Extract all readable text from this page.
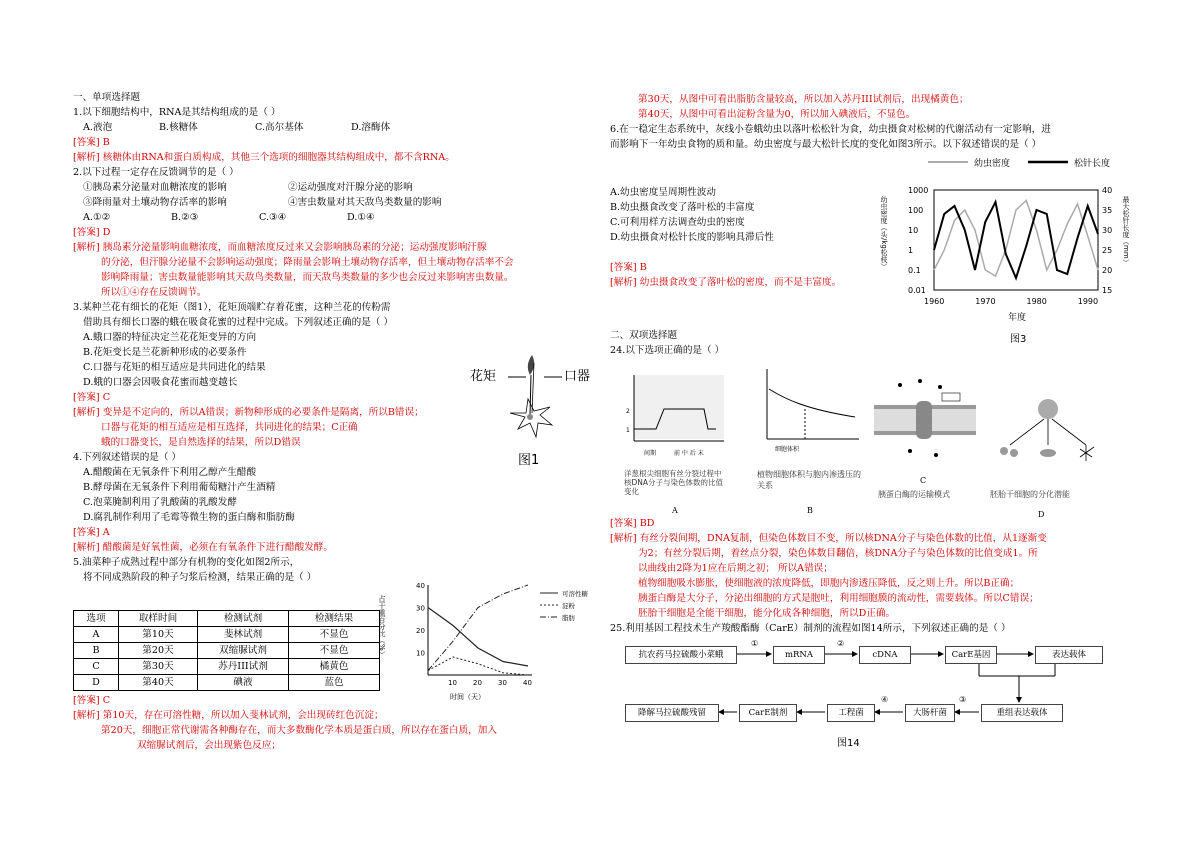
一、单项选择题
1.以下细胞结构中，RNA是其结构组成的是（ ）
A.液泡	B.核糖体	C.高尔基体	D.溶酶体
[答案] B
[解析] 核糖体由RNA和蛋白质构成，其他三个选项的细胞器其结构组成中，都不含RNA。
2.以下过程一定存在反馈调节的是（ ）
①胰岛素分泌量对血糖浓度的影响	②运动强度对汗腺分泌的影响
③降雨量对土壤动物存活率的影响	④害虫数量对其天敌鸟类数量的影响
A.①②	B.②③	C.③④	D.①④
[答案] D
[解析] 胰岛素分泌量影响血糖浓度，而血糖浓度反过来又会影响胰岛素的分泌；运动强度影响汗腺
的分泌，但汗腺分泌量不会影响运动强度；降雨量会影响土壤动物存活率，但土壤动物存活率不会
影响降雨量；害虫数量能影响其天敌鸟类数量，而天敌鸟类数量的多少也会反过来影响害虫数量。
所以①④存在反馈调节。
3.某种兰花有细长的花矩（图1），花矩顶端贮存着花蜜，这种兰花的传粉需
借助具有细长口器的蛾在吸食花蜜的过程中完成。下列叙述正确的是（ ）
A.蛾口器的特征决定兰花花矩变异的方向
B.花矩变长是兰花新种形成的必要条件
C.口器与花矩的相互适应是共同进化的结果
D.蛾的口器会因吸食花蜜而越变越长
[答案] C
[解析] 变异是不定向的，所以A错误；新物种形成的必要条件是隔离，所以B错误；
口器与花矩的相互适应是相互选择，共同进化的结果；C正确
蛾的口器变长，是自然选择的结果，所以D错误
4.下列叙述错误的是（ ）
A.醋酸菌在无氧条件下利用乙醇产生醋酸
B.酵母菌在无氧条件下利用葡萄糖汁产生酒精
C.泡菜腌制利用了乳酸菌的乳酸发酵
D.腐乳制作利用了毛霉等微生物的蛋白酶和脂肪酶
[答案] A
[解析] 醋酸菌是好氧性菌，必须在有氧条件下进行醋酸发酵。
5.油菜种子成熟过程中部分有机物的变化如图2所示，
将不同成熟阶段的种子匀浆后检测，结果正确的是（ ）
选项	取样时间	检测试剂	检测结果
A	第10天	斐林试剂	不显色
B	第20天	双缩脲试剂	不显色
C	第30天	苏丹III试剂	橘黄色
D	第40天	碘液	蓝色
[答案] C
[解析] 第10天，存在可溶性糖，所以加入斐林试剂，会出现砖红色沉淀；
第20天，细胞正常代谢需各种酶存在，而大多数酶化学本质是蛋白质，所以存在蛋白质，加入
双缩脲试剂后，会出现紫色反应；
花矩	口器
图1
10
20
30
40
10 20 30 40
时间（天）
占干重百分比（%）
可溶性糖
淀粉
脂肪
第30天，从图中可看出脂肪含量较高，所以加入苏丹III试剂后，出现橘黄色；
第40天，从图中可看出淀粉含量为0，所以加入碘液后，不显色。
6.在一稳定生态系统中，灰线小卷蛾幼虫以落叶松松针为食，幼虫摄食对松树的代谢活动有一定影响，进
而影响下一年幼虫食物的质和量。幼虫密度与最大松针长度的变化如图3所示。以下叙述错误的是（ ）
A.幼虫密度呈周期性波动
B.幼虫摄食改变了落叶松的丰富度
C.可利用样方法调查幼虫的密度
D.幼虫摄食对松针长度的影响具滞后性
[答案] B
[解析] 幼虫摄食改变了落叶松的密度，而不是丰富度。
幼虫密度	松针长度
1000
100
10
1
0.1
0.01
40
35
30
25
20
15
1960	1970	1980	1990
年度
幼虫密度（头/kg松枝）	最大松针长度（mm）
图3
二、双项选择题
24.以下选项正确的是（ ）
2
1
间期	前 中 后 末
洋葱根尖细胞有丝分裂过程中核DNA分子与染色体数的比值变化
A
细胞体积
植物细胞体积与胞内渗透压的关系
B
胰蛋白酶的运输模式
C
胚胎干细胞的分化潜能
D
[答案] BD
[解析] 有丝分裂间期，DNA复制，但染色体数目不变，所以核DNA分子与染色体数的比值，从1逐渐变
为2；有丝分裂后期，着丝点分裂，染色体数目翻倍，核DNA分子与染色体数的比值变成1。所
以曲线由2降为1应在后期之初； 所以A错误；
植物细胞吸水膨胀，使细胞液的浓度降低，即胞内渗透压降低，反之则上升。所以B正确；
胰蛋白酶是大分子，分泌出细胞的方式是胞吐，利用细胞膜的流动性，需要载体。所以C错误；
胚胎干细胞是全能干细胞，能分化成各种细胞，所以D正确。
25.利用基因工程技术生产羧酸酯酶（CarE）制剂的流程如图14所示，下列叙述正确的是（ ）
抗农药马拉硫酸小菜蛾	mRNA	cDNA	CarE基因	表达载体
降解马拉硫酸残留	CarE制剂	工程菌	大肠杆菌	重组表达载体
①	②
④	③
图14
